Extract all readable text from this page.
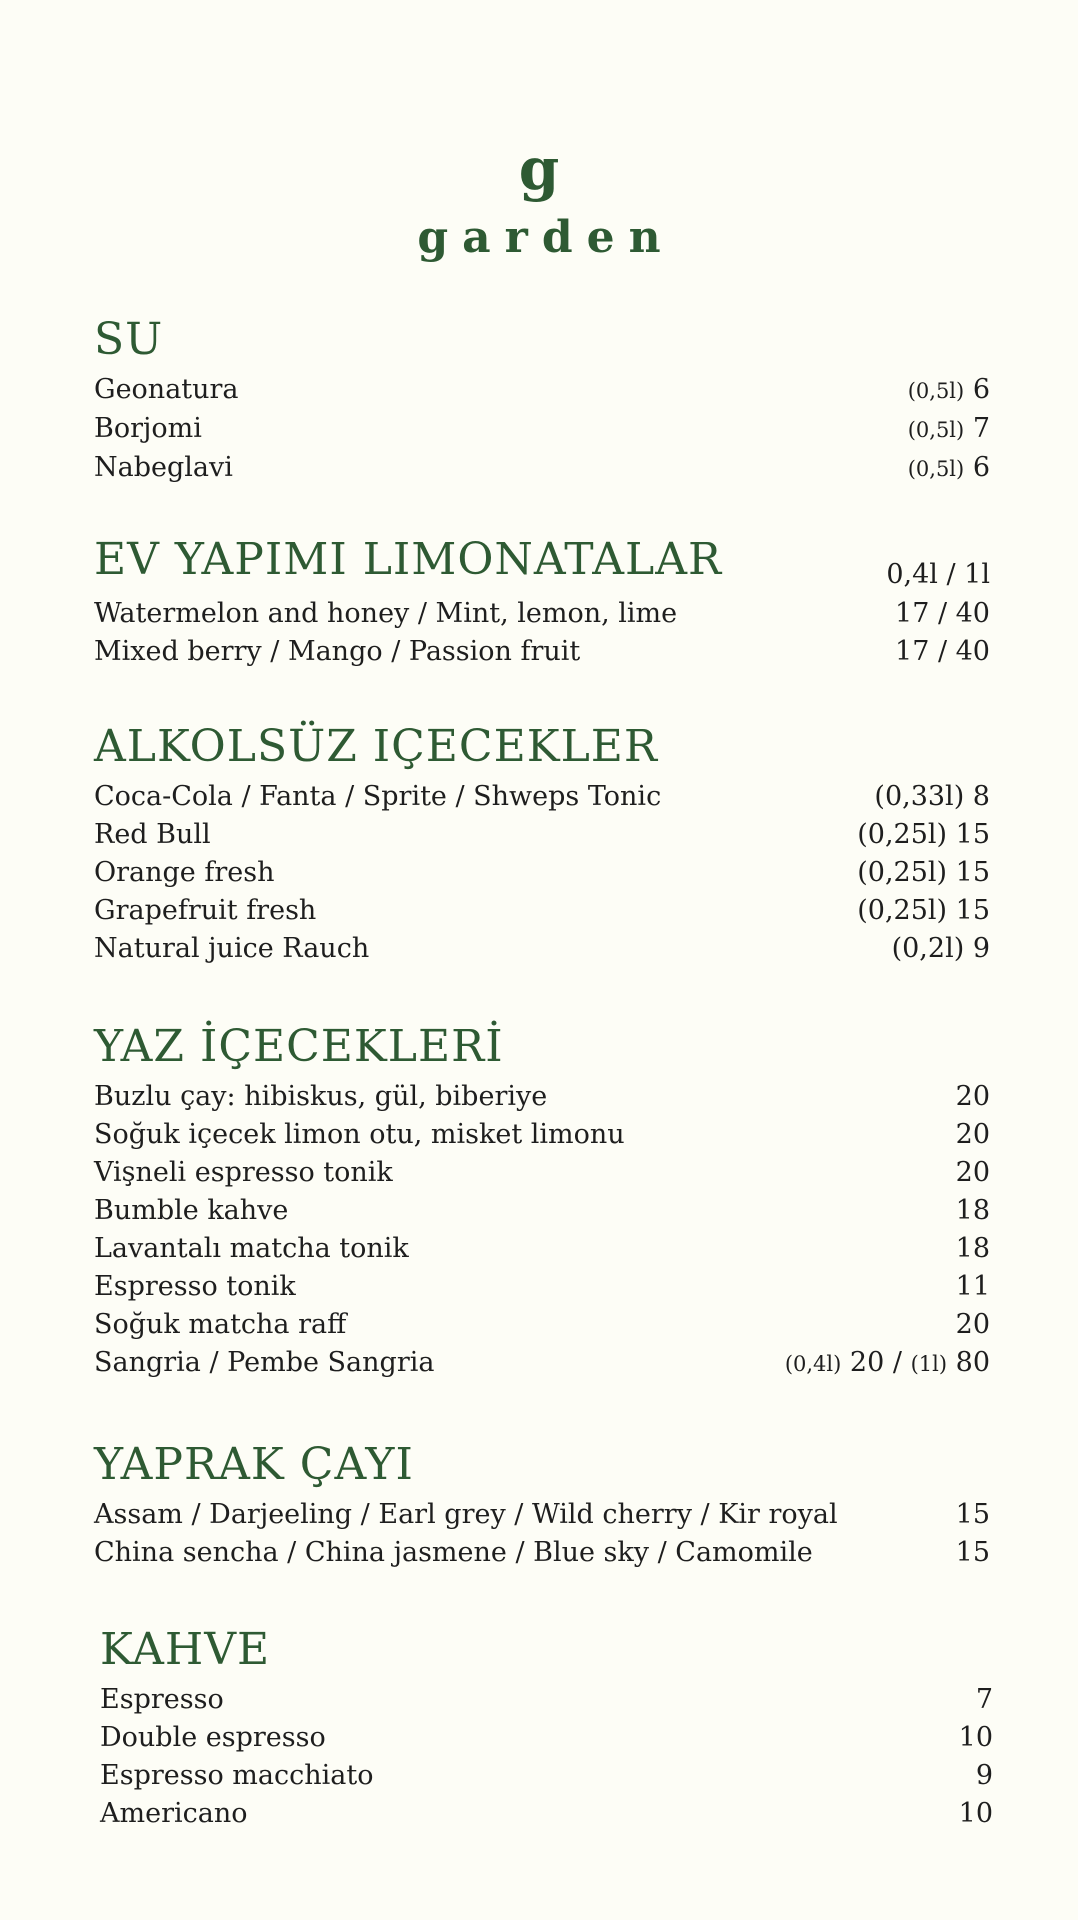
g
garden
SU
Geonatura	(0,5l) 6
Borjomi	(0,5l) 7
Nabeglavi	(0,5l) 6
EV YAPIMI LIMONATALAR	0,4l / 1l
Watermelon and honey / Mint, lemon, lime	17 / 40
Mixed berry / Mango / Passion fruit	17 / 40
ALKOLSÜZ IÇECEKLER
Coca-Cola / Fanta / Sprite / Shweps Tonic	(0,33l) 8
Red Bull	(0,25l) 15
Orange fresh	(0,25l) 15
Grapefruit fresh	(0,25l) 15
Natural juice Rauch	(0,2l) 9
YAZ İÇECEKLERİ
Buzlu çay: hibiskus, gül, biberiye	20
Soğuk içecek limon otu, misket limonu	20
Vişneli espresso tonik	20
Bumble kahve	18
Lavantalı matcha tonik	18
Espresso tonik	11
Soğuk matcha raff	20
Sangria / Pembe Sangria	(0,4l) 20 / (1l) 80
YAPRAK ÇAYI
Assam / Darjeeling / Earl grey / Wild cherry / Kir royal	15
China sencha / China jasmene / Blue sky / Camomile	15
KAHVE
Espresso	7
Double espresso	10
Espresso macchiato	9
Americano	10
